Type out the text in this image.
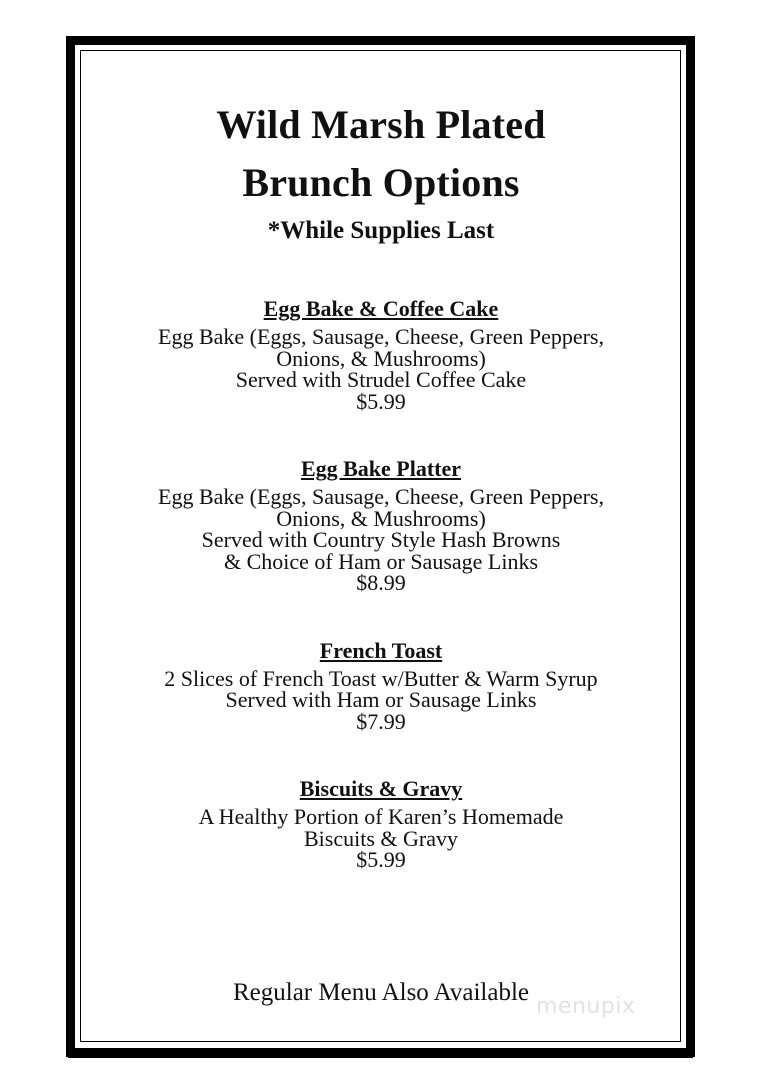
Wild Marsh Plated
Brunch Options
*While Supplies Last
Egg Bake & Coffee Cake
Egg Bake (Eggs, Sausage, Cheese, Green Peppers,
Onions, & Mushrooms)
Served with Strudel Coffee Cake
$5.99
Egg Bake Platter
Egg Bake (Eggs, Sausage, Cheese, Green Peppers,
Onions, & Mushrooms)
Served with Country Style Hash Browns
& Choice of Ham or Sausage Links
$8.99
French Toast
2 Slices of French Toast w/Butter & Warm Syrup
Served with Ham or Sausage Links
$7.99
Biscuits & Gravy
A Healthy Portion of Karen’s Homemade
Biscuits & Gravy
$5.99
Regular Menu Also Available
menupix
